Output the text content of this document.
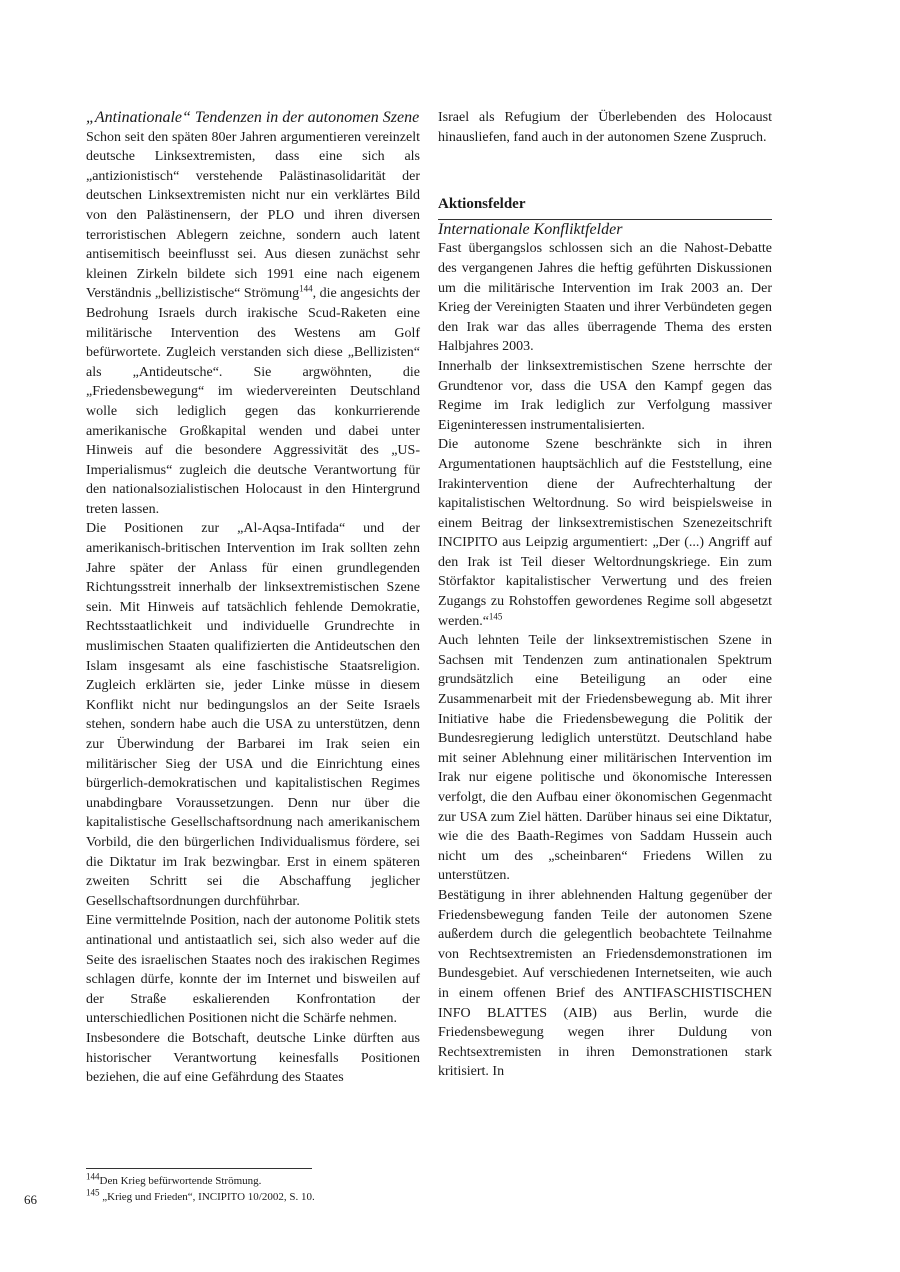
„Antinationale“ Tendenzen in der autonomen Szene

Schon seit den späten 80er Jahren argumentieren vereinzelt deutsche Linksextremisten, dass eine sich als „antizionistisch“ verstehende Palästinasolidarität der deutschen Linksextremisten nicht nur ein verklärtes Bild von den Palästinensern, der PLO und ihren diversen terroristischen Ablegern zeichne, sondern auch latent antisemitisch beeinflusst sei. Aus diesen zunächst sehr kleinen Zirkeln bildete sich 1991 eine nach eigenem Verständnis „bellizistische“ Strömung$^{144}$, die angesichts der Bedrohung Israels durch irakische Scud-Raketen eine militärische Intervention des Westens am Golf befürwortete. Zugleich verstanden sich diese „Bellizisten“ als „Antideutsche“. Sie argwöhnten, die „Friedensbewegung“ im wiedervereinten Deutschland wolle sich lediglich gegen das konkurrierende amerikanische Großkapital wenden und dabei unter Hinweis auf die besondere Aggressivität des „US-Imperialismus“ zugleich die deutsche Verantwortung für den nationalsozialistischen Holocaust in den Hintergrund treten lassen.

Die Positionen zur „Al-Aqsa-Intifada“ und der amerikanisch-britischen Intervention im Irak sollten zehn Jahre später der Anlass für einen grundlegenden Richtungsstreit innerhalb der linksextremistischen Szene sein. Mit Hinweis auf tatsächlich fehlende Demokratie, Rechtsstaatlichkeit und individuelle Grundrechte in muslimischen Staaten qualifizierten die Antideutschen den Islam insgesamt als eine faschistische Staatsreligion. Zugleich erklärten sie, jeder Linke müsse in diesem Konflikt nicht nur bedingungslos an der Seite Israels stehen, sondern habe auch die USA zu unterstützen, denn zur Überwindung der Barbarei im Irak seien ein militärischer Sieg der USA und die Einrichtung eines bürgerlich-demokratischen und kapitalistischen Regimes unabdingbare Voraussetzungen. Denn nur über die kapitalistische Gesellschaftsordnung nach amerikanischem Vorbild, die den bürgerlichen Individualismus fördere, sei die Diktatur im Irak bezwingbar. Erst in einem späteren zweiten Schritt sei die Abschaffung jeglicher Gesellschaftsordnungen durchführbar.

Eine vermittelnde Position, nach der autonome Politik stets antinational und antistaatlich sei, sich also weder auf die Seite des israelischen Staates noch des irakischen Regimes schlagen dürfe, konnte der im Internet und bisweilen auf der Straße eskalierenden Konfrontation der unterschiedlichen Positionen nicht die Schärfe nehmen.

Insbesondere die Botschaft, deutsche Linke dürften aus historischer Verantwortung keinesfalls Positionen beziehen, die auf eine Gefährdung des Staates

Israel als Refugium der Überlebenden des Holocaust hinausliefen, fand auch in der autonomen Szene Zuspruch.

Aktionsfelder

Internationale Konfliktfelder

Fast übergangslos schlossen sich an die Nahost-Debatte des vergangenen Jahres die heftig geführten Diskussionen um die militärische Intervention im Irak 2003 an. Der Krieg der Vereinigten Staaten und ihrer Verbündeten gegen den Irak war das alles überragende Thema des ersten Halbjahres 2003.

Innerhalb der linksextremistischen Szene herrschte der Grundtenor vor, dass die USA den Kampf gegen das Regime im Irak lediglich zur Verfolgung massiver Eigeninteressen instrumentalisierten.

Die autonome Szene beschränkte sich in ihren Argumentationen hauptsächlich auf die Feststellung, eine Irakintervention diene der Aufrechterhaltung der kapitalistischen Weltordnung. So wird beispielsweise in einem Beitrag der linksextremistischen Szenezeitschrift INCIPITO aus Leipzig argumentiert: „Der (...) Angriff auf den Irak ist Teil dieser Weltordnungskriege. Ein zum Störfaktor kapitalistischer Verwertung und des freien Zugangs zu Rohstoffen gewordenes Regime soll abgesetzt werden.“$^{145}$

Auch lehnten Teile der linksextremistischen Szene in Sachsen mit Tendenzen zum antinationalen Spektrum grundsätzlich eine Beteiligung an oder eine Zusammenarbeit mit der Friedensbewegung ab. Mit ihrer Initiative habe die Friedensbewegung die Politik der Bundesregierung lediglich unterstützt. Deutschland habe mit seiner Ablehnung einer militärischen Intervention im Irak nur eigene politische und ökonomische Interessen verfolgt, die den Aufbau einer ökonomischen Gegenmacht zur USA zum Ziel hätten. Darüber hinaus sei eine Diktatur, wie die des Baath-Regimes von Saddam Hussein auch nicht um des „scheinbaren“ Friedens Willen zu unterstützen.

Bestätigung in ihrer ablehnenden Haltung gegenüber der Friedensbewegung fanden Teile der autonomen Szene außerdem durch die gelegentlich beobachtete Teilnahme von Rechtsextremisten an Friedensdemonstrationen im Bundesgebiet. Auf verschiedenen Internetseiten, wie auch in einem offenen Brief des ANTIFASCHISTISCHEN INFO BLATTES (AIB) aus Berlin, wurde die Friedensbewegung wegen ihrer Duldung von Rechtsextremisten in ihren Demonstrationen stark kritisiert. In

$^{144}$Den Krieg befürwortende Strömung.
$^{145}$ „Krieg und Frieden“, INCIPITO 10/2002, S. 10.
66
